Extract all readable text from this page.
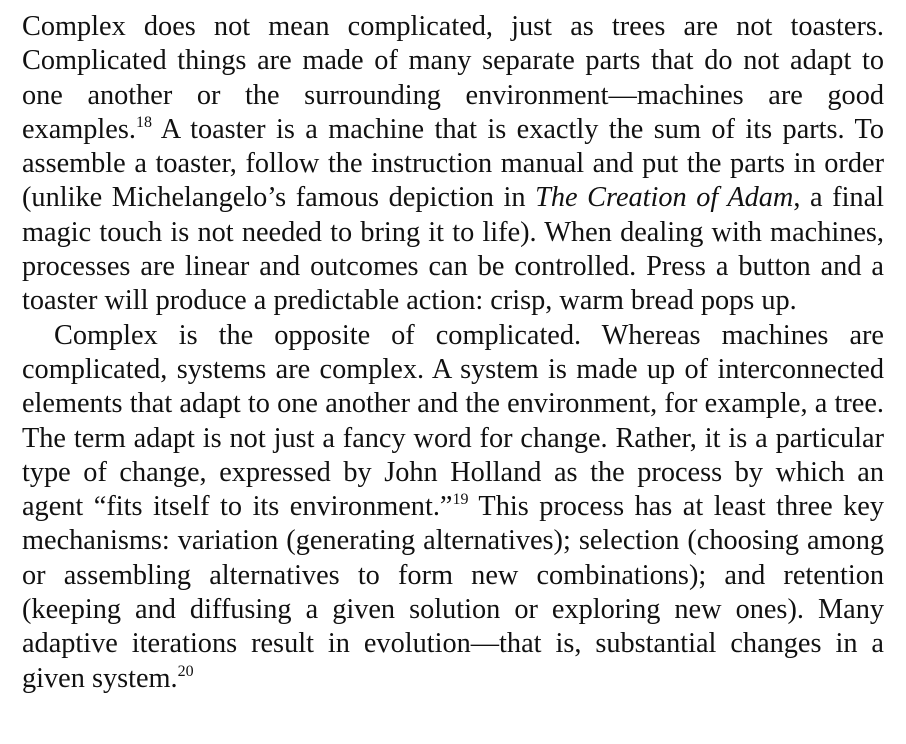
Complex does not mean complicated, just as trees are not toasters. Complicated things are made of many separate parts that do not adapt to one another or the surrounding environment—machines are good examples.$^{18}$ A toaster is a machine that is exactly the sum of its parts. To assemble a toaster, follow the instruction manual and put the parts in order (unlike Michelangelo’s famous depiction in The Creation of Adam, a final magic touch is not needed to bring it to life). When dealing with machines, processes are linear and outcomes can be controlled. Press a button and a toaster will produce a predictable action: crisp, warm bread pops up.

Complex is the opposite of complicated. Whereas machines are complicated, systems are complex. A system is made up of interconnected elements that adapt to one another and the environment, for example, a tree. The term adapt is not just a fancy word for change. Rather, it is a particular type of change, expressed by John Holland as the process by which an agent “fits itself to its environment.”$^{19}$ This process has at least three key mechanisms: variation (generating alternatives); selection (choosing among or assembling alternatives to form new combinations); and retention (keeping and diffusing a given solution or exploring new ones). Many adaptive iterations result in evolution—that is, substantial changes in a given system.$^{20}$
